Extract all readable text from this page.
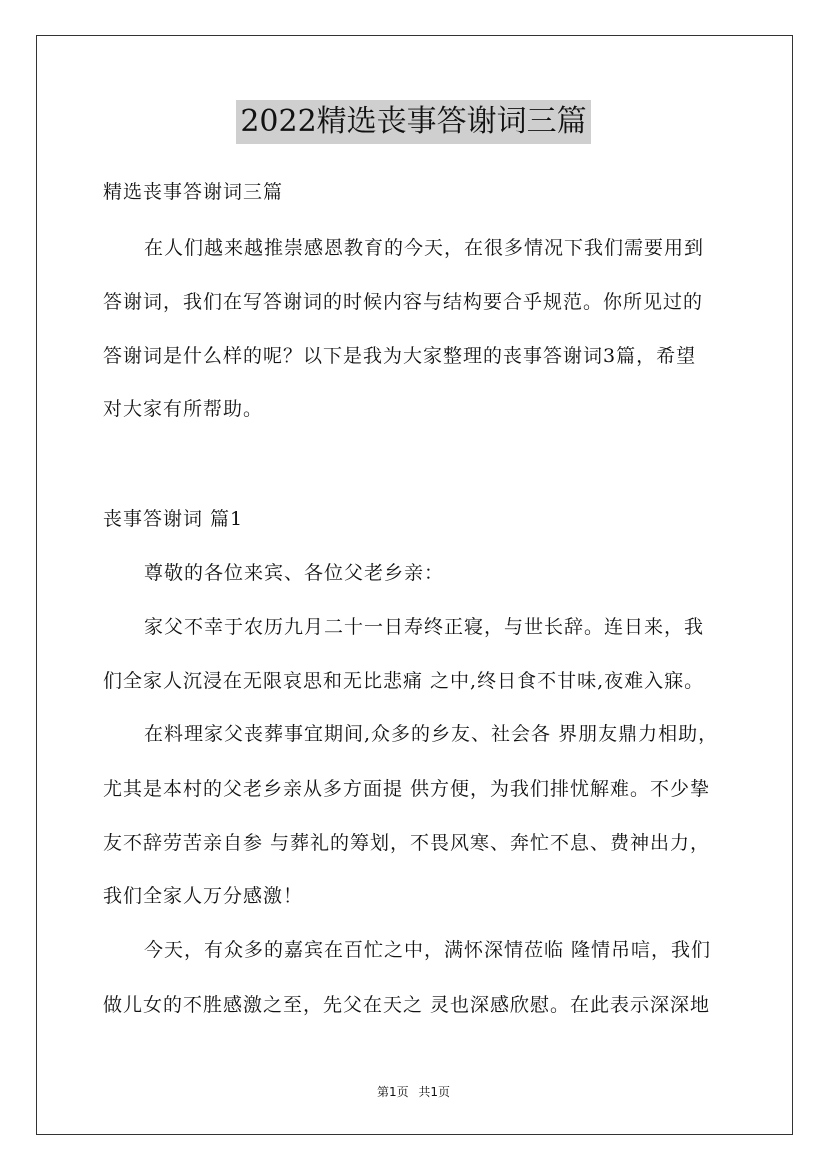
2022精选丧事答谢词三篇
精选丧事答谢词三篇
在人们越来越推崇感恩教育的今天，在很多情况下我们需要用到
答谢词，我们在写答谢词的时候内容与结构要合乎规范。你所见过的
答谢词是什么样的呢？以下是我为大家整理的丧事答谢词3篇，希望
对大家有所帮助。
丧事答谢词 篇1
尊敬的各位来宾、各位父老乡亲：
家父不幸于农历九月二十一日寿终正寝，与世长辞。连日来，我
们全家人沉浸在无限哀思和无比悲痛 之中,终日食不甘味,夜难入寐。
在料理家父丧葬事宜期间,众多的乡友、社会各 界朋友鼎力相助，
尤其是本村的父老乡亲从多方面提 供方便，为我们排忧解难。不少挚
友不辞劳苦亲自参 与葬礼的筹划，不畏风寒、奔忙不息、费神出力，
我们全家人万分感激！
今天，有众多的嘉宾在百忙之中，满怀深情莅临 隆情吊唁，我们
做儿女的不胜感激之至，先父在天之 灵也深感欣慰。在此表示深深地
第1页 共1页
